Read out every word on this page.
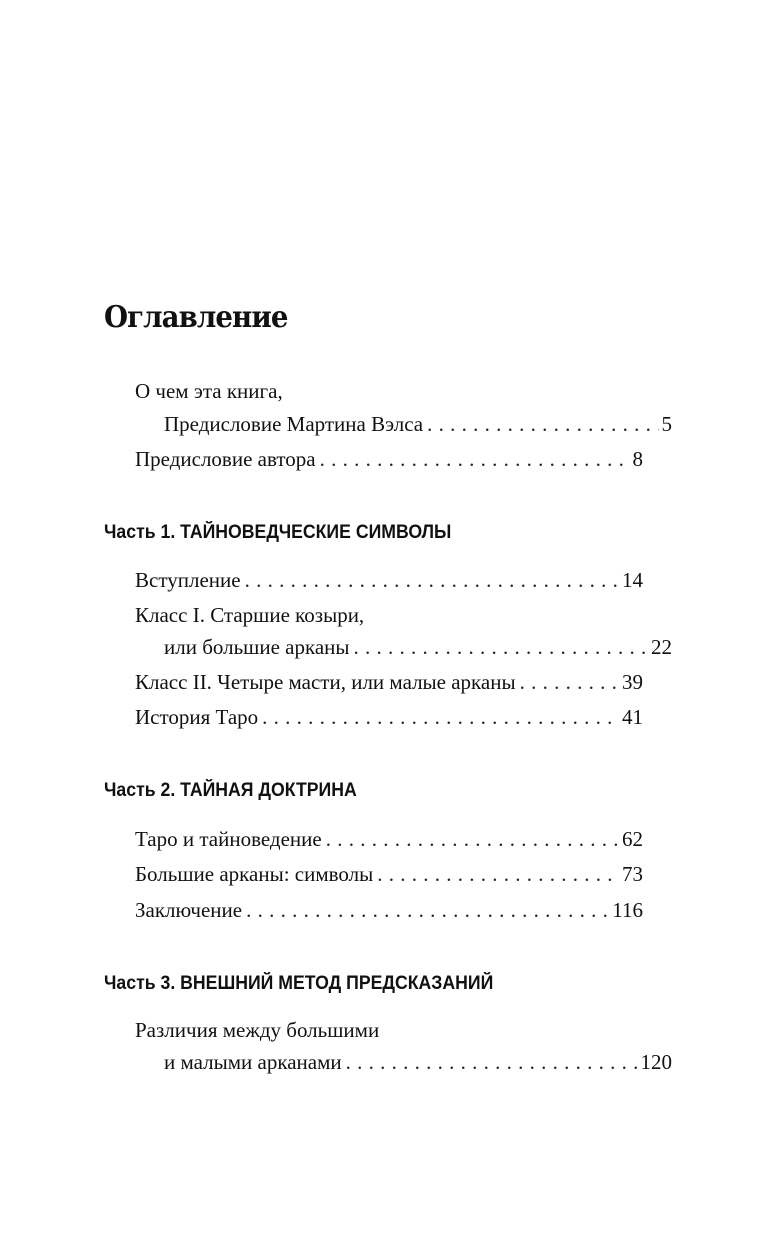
Оглавление
О чем эта книга,
Предисловие Мартина Вэлса . . .	5
Предисловие автора . . .	8
Часть 1. ТАЙНОВЕДЧЕСКИЕ СИМВОЛЫ
Вступление . . .	14
Класс I. Старшие козыри,
или большие арканы . . .	22
Класс II. Четыре масти, или малые арканы . . .	39
История Таро . . .	41
Часть 2. ТАЙНАЯ ДОКТРИНА
Таро и тайноведение . . .	62
Большие арканы: символы . . .	73
Заключение . . .	116
Часть 3. ВНЕШНИЙ МЕТОД ПРЕДСКАЗАНИЙ
Различия между большими
и малыми арканами . . .	120
